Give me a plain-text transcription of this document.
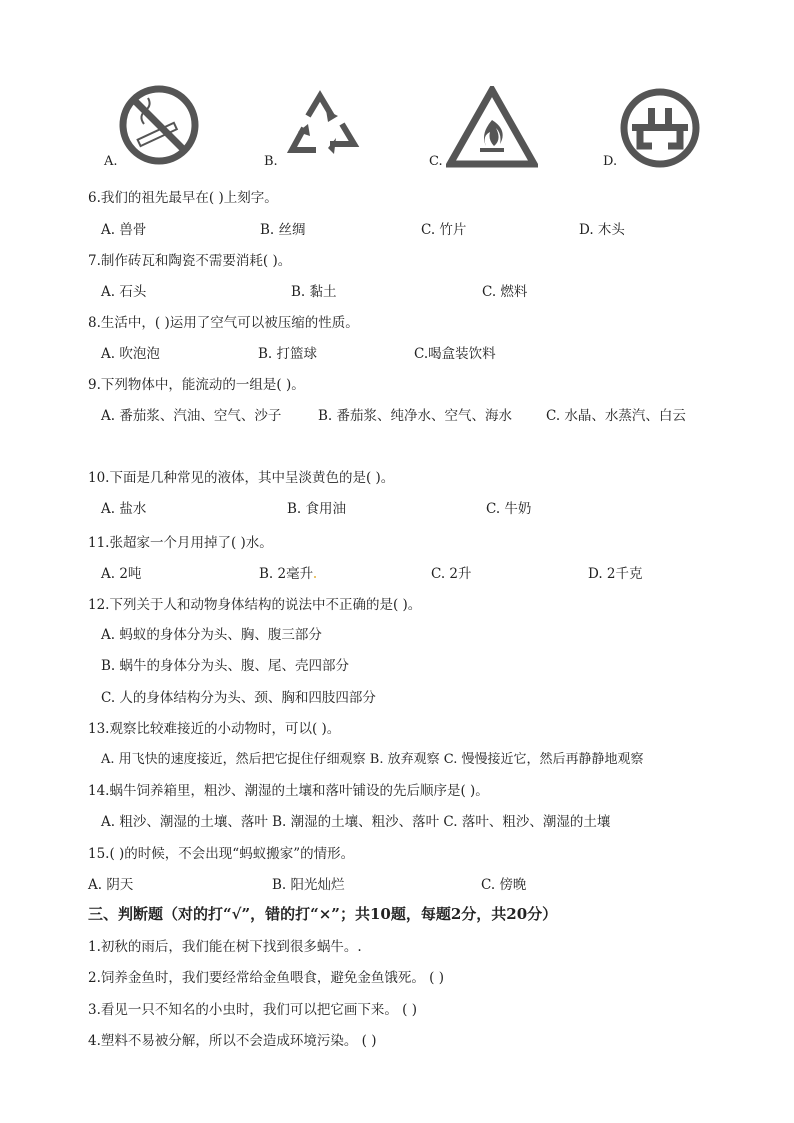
A.	B.	C.	D.
6.我们的祖先最早在( )上刻字。
A. 兽骨	B. 丝绸	C. 竹片	D. 木头
7.制作砖瓦和陶瓷不需要消耗( )。
A. 石头	B. 黏土	C. 燃料
8.生活中，( )运用了空气可以被压缩的性质。
A. 吹泡泡	B. 打篮球	C.喝盒装饮料
9.下列物体中，能流动的一组是( )。
A. 番茄浆、汽油、空气、沙子	B. 番茄浆、纯净水、空气、海水	C. 水晶、水蒸汽、白云
10.下面是几种常见的液体，其中呈淡黄色的是( )。
A. 盐水	B. 食用油	C. 牛奶
11.张超家一个月用掉了( )水。
A. 2吨	B. 2毫升	C. 2升	D. 2千克
12.下列关于人和动物身体结构的说法中不正确的是( )。
A. 蚂蚁的身体分为头、胸、腹三部分
B. 蜗牛的身体分为头、腹、尾、壳四部分
C. 人的身体结构分为头、颈、胸和四肢四部分
13.观察比较难接近的小动物时，可以( )。
A. 用飞快的速度接近，然后把它捉住仔细观察 B. 放弃观察 C. 慢慢接近它，然后再静静地观察
14.蜗牛饲养箱里，粗沙、潮湿的土壤和落叶铺设的先后顺序是( )。
A. 粗沙、潮湿的土壤、落叶 B. 潮湿的土壤、粗沙、落叶 C. 落叶、粗沙、潮湿的土壤
15.( )的时候，不会出现“蚂蚁搬家”的情形。
A. 阴天	B. 阳光灿烂	C. 傍晚
三、判断题（对的打“√”，错的打“×”；共10题，每题2分，共20分）
1.初秋的雨后，我们能在树下找到很多蜗牛。.
2.饲养金鱼时，我们要经常给金鱼喂食，避免金鱼饿死。 ( )
3.看见一只不知名的小虫时，我们可以把它画下来。 ( )
4.塑料不易被分解，所以不会造成环境污染。 ( )
